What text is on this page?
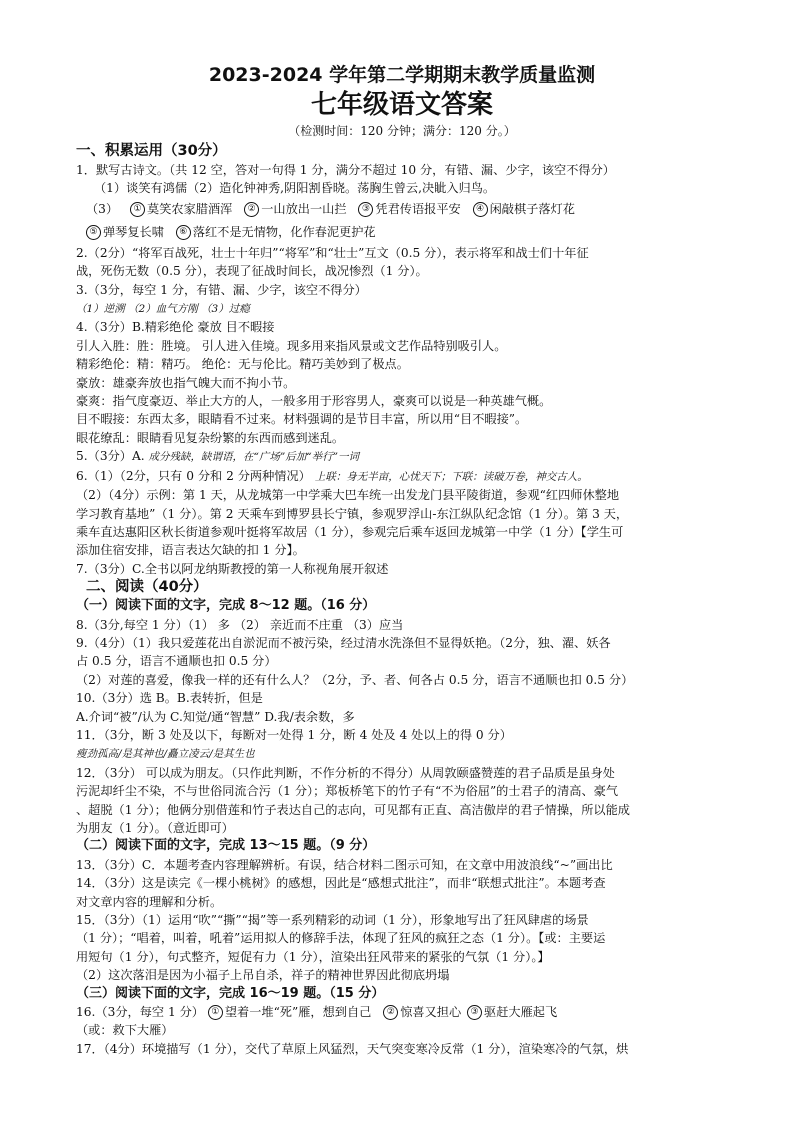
2023-2024 学年第二学期期末教学质量监测

七年级语文答案

（检测时间：120 分钟；满分：120 分。）

一、积累运用（30分）

1．默写古诗文。（共 12 空，答对一句得 1 分，满分不超过 10 分，有错、漏、少字，该空不得分）

（1）谈笑有鸿儒（2）造化钟神秀,阴阳割昏晓。荡胸生曾云,决眦入归鸟。

（3） ① 莫笑农家腊酒浑 ② 一山放出一山拦 ③ 凭君传语报平安 ④ 闲敲棋子落灯花

⑤ 弹琴复长啸 ⑥ 落红不是无情物，化作春泥更护花

2.（2分）“将军百战死，壮士十年归”“将军”和“壮士”互文（0.5 分），表示将军和战士们十年征

战，死伤无数（0.5 分），表现了征战时间长，战况惨烈（1 分）。

3.（3分，每空 1 分，有错、漏、少字，该空不得分）

（1）逆溯 （2）血气方刚 （3）过瘾

4.（3分）B.精彩绝伦 豪放 目不暇接

引人入胜：胜：胜境。 引人进入佳境。现多用来指风景或文艺作品特别吸引人。

精彩绝伦：精：精巧。 绝伦：无与伦比。精巧美妙到了极点。

豪放：雄豪奔放也指气魄大而不拘小节。

豪爽：指气度豪迈、举止大方的人，一般多用于形容男人，豪爽可以说是一种英雄气概。

目不暇接：东西太多，眼睛看不过来。材料强调的是节目丰富，所以用“目不暇接”。

眼花缭乱：眼睛看见复杂纷繁的东西而感到迷乱。

5.（3分）A. 成分残缺，缺谓语，在“广场”后加“举行”一词

6.（1）（2分，只有 0 分和 2 分两种情况） 上联：身无半亩，心忧天下；下联：读破万卷，神交古人。

（2）（4分）示例：第 1 天，从龙城第一中学乘大巴车统一出发龙门县平陵街道，参观“红四师休整地

学习教育基地”（1 分）。第 2 天乘车到博罗县长宁镇，参观罗浮山-东江纵队纪念馆（1 分）。第 3 天，

乘车直达惠阳区秋长街道参观叶挺将军故居（1 分），参观完后乘车返回龙城第一中学（1 分）【学生可

添加住宿安排，语言表达欠缺的扣 1 分】。

7.（3分）C.全书以阿龙纳斯教授的第一人称视角展开叙述

二、阅读（40分）

（一）阅读下面的文字，完成 8～12 题。（16 分）

8.（3分,每空 1 分）（1） 多 （2） 亲近而不庄重 （3）应当

9.（4分）（1）我只爱莲花出自淤泥而不被污染，经过清水洗涤但不显得妖艳。（2分，独、濯、妖各

占 0.5 分，语言不通顺也扣 0.5 分）

（2）对莲的喜爱，像我一样的还有什么人？（2分，予、者、何各占 0.5 分，语言不通顺也扣 0.5 分）

10.（3分）选 B。B.表转折，但是

A.介词“被”/认为 C.知觉/通“智慧” D.我/表余数，多

11．（3分，断 3 处及以下，每断对一处得 1 分，断 4 处及 4 处以上的得 0 分）

瘦劲孤高/是其神也/矗立凌云/是其生也

12．（3分） 可以成为朋友。（只作此判断，不作分析的不得分）从周敦颐盛赞莲的君子品质是虽身处

污泥却纤尘不染，不与世俗同流合污（1 分）；郑板桥笔下的竹子有“不为俗屈”的士君子的清高、豪气

、超脱（1 分）；他俩分别借莲和竹子表达自己的志向，可见都有正直、高洁傲岸的君子情操，所以能成

为朋友（1 分）。（意近即可）

（二）阅读下面的文字，完成 13～15 题。（9 分）

13．（3分）C．本题考查内容理解辨析。有误，结合材料二图示可知，在文章中用波浪线“~”画出比

14．（3分）这是读完《一棵小桃树》的感想，因此是“感想式批注”，而非“联想式批注”。本题考查

对文章内容的理解和分析。

15．（3分）（1）运用“吹”“撕”“揭”等一系列精彩的动词（1 分），形象地写出了狂风肆虐的场景

（1 分）；“唱着，叫着，吼着”运用拟人的修辞手法，体现了狂风的疯狂之态（1 分）。【或：主要运

用短句（1 分），句式整齐，短促有力（1 分），渲染出狂风带来的紧张的气氛（1 分）。】

（2）这次落泪是因为小福子上吊自杀，祥子的精神世界因此彻底坍塌

（三）阅读下面的文字，完成 16～19 题。（15 分）

16.（3分，每空 1 分） ① 望着一堆“死”雁，想到自己 ② 惊喜又担心 ③ 驱赶大雁起飞

（或：救下大雁）

17．（4分）环境描写（1 分），交代了草原上风猛烈，天气突变寒冷反常（1 分），渲染寒冷的气氛，烘
